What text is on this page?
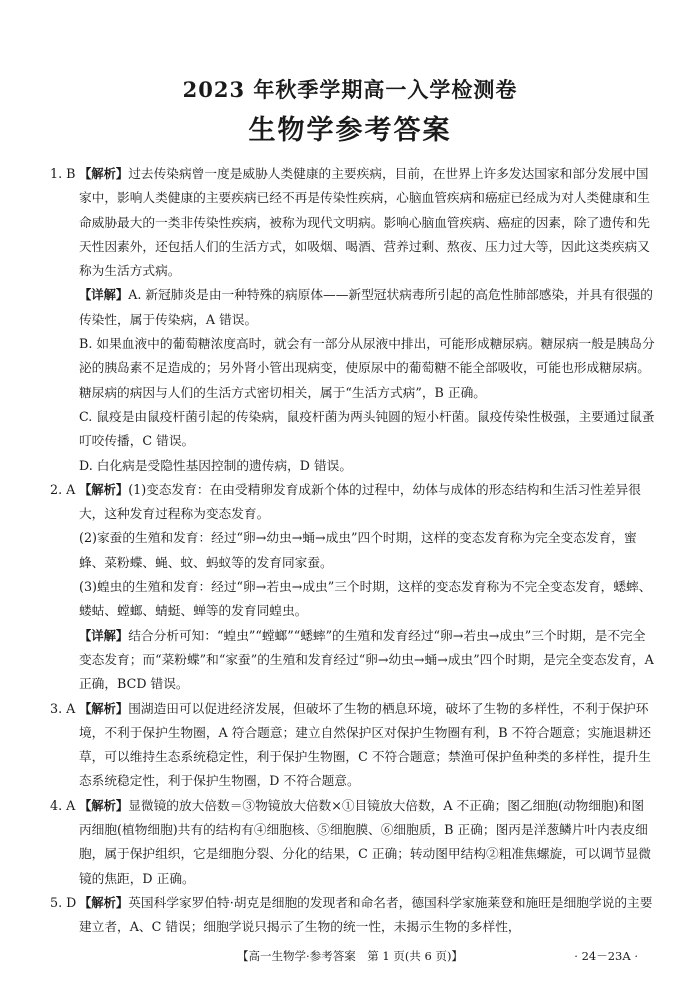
2023 年秋季学期高一入学检测卷
生物学参考答案
1. B 【解析】过去传染病曾一度是威胁人类健康的主要疾病，目前，在世界上许多发达国家和部分发展中国家中，影响人类健康的主要疾病已经不再是传染性疾病，心脑血管疾病和癌症已经成为对人类健康和生命威胁最大的一类非传染性疾病，被称为现代文明病。影响心脑血管疾病、癌症的因素，除了遗传和先天性因素外，还包括人们的生活方式，如吸烟、喝酒、营养过剩、熬夜、压力过大等，因此这类疾病又称为生活方式病。
【详解】A. 新冠肺炎是由一种特殊的病原体——新型冠状病毒所引起的高危性肺部感染，并具有很强的传染性，属于传染病，A 错误。
B. 如果血液中的葡萄糖浓度高时，就会有一部分从尿液中排出，可能形成糖尿病。糖尿病一般是胰岛分泌的胰岛素不足造成的；另外肾小管出现病变，使原尿中的葡萄糖不能全部吸收，可能也形成糖尿病。糖尿病的病因与人们的生活方式密切相关，属于“生活方式病”，B 正确。
C. 鼠疫是由鼠疫杆菌引起的传染病，鼠疫杆菌为两头钝圆的短小杆菌。鼠疫传染性极强，主要通过鼠蚤叮咬传播，C 错误。
D. 白化病是受隐性基因控制的遗传病，D 错误。
2. A 【解析】(1)变态发育：在由受精卵发育成新个体的过程中，幼体与成体的形态结构和生活习性差异很大，这种发育过程称为变态发育。
(2)家蚕的生殖和发育：经过“卵→幼虫→蛹→成虫”四个时期，这样的变态发育称为完全变态发育，蜜蜂、菜粉蝶、蝇、蚊、蚂蚁等的发育同家蚕。
(3)蝗虫的生殖和发育：经过“卵→若虫→成虫”三个时期，这样的变态发育称为不完全变态发育，蟋蟀、蝼蛄、螳螂、蜻蜓、蝉等的发育同蝗虫。
【详解】结合分析可知：“蝗虫”“螳螂”“蟋蟀”的生殖和发育经过“卵→若虫→成虫”三个时期，是不完全变态发育；而“菜粉蝶”和“家蚕”的生殖和发育经过“卵→幼虫→蛹→成虫”四个时期，是完全变态发育，A 正确，BCD 错误。
3. A 【解析】围湖造田可以促进经济发展，但破坏了生物的栖息环境，破坏了生物的多样性，不利于保护环境，不利于保护生物圈，A 符合题意；建立自然保护区对保护生物圈有利，B 不符合题意；实施退耕还草，可以维持生态系统稳定性，利于保护生物圈，C 不符合题意；禁渔可保护鱼种类的多样性，提升生态系统稳定性，利于保护生物圈，D 不符合题意。
4. A 【解析】显微镜的放大倍数＝③物镜放大倍数×①目镜放大倍数，A 不正确；图乙细胞(动物细胞)和图丙细胞(植物细胞)共有的结构有④细胞核、⑤细胞膜、⑥细胞质，B 正确；图丙是洋葱鳞片叶内表皮细胞，属于保护组织，它是细胞分裂、分化的结果，C 正确；转动图甲结构②粗准焦螺旋，可以调节显微镜的焦距，D 正确。
5. D 【解析】英国科学家罗伯特·胡克是细胞的发现者和命名者，德国科学家施莱登和施旺是细胞学说的主要建立者，A、C 错误；细胞学说只揭示了生物的统一性，未揭示生物的多样性，
【高一生物学·参考答案　第 1 页(共 6 页)】	· 24－23A ·
